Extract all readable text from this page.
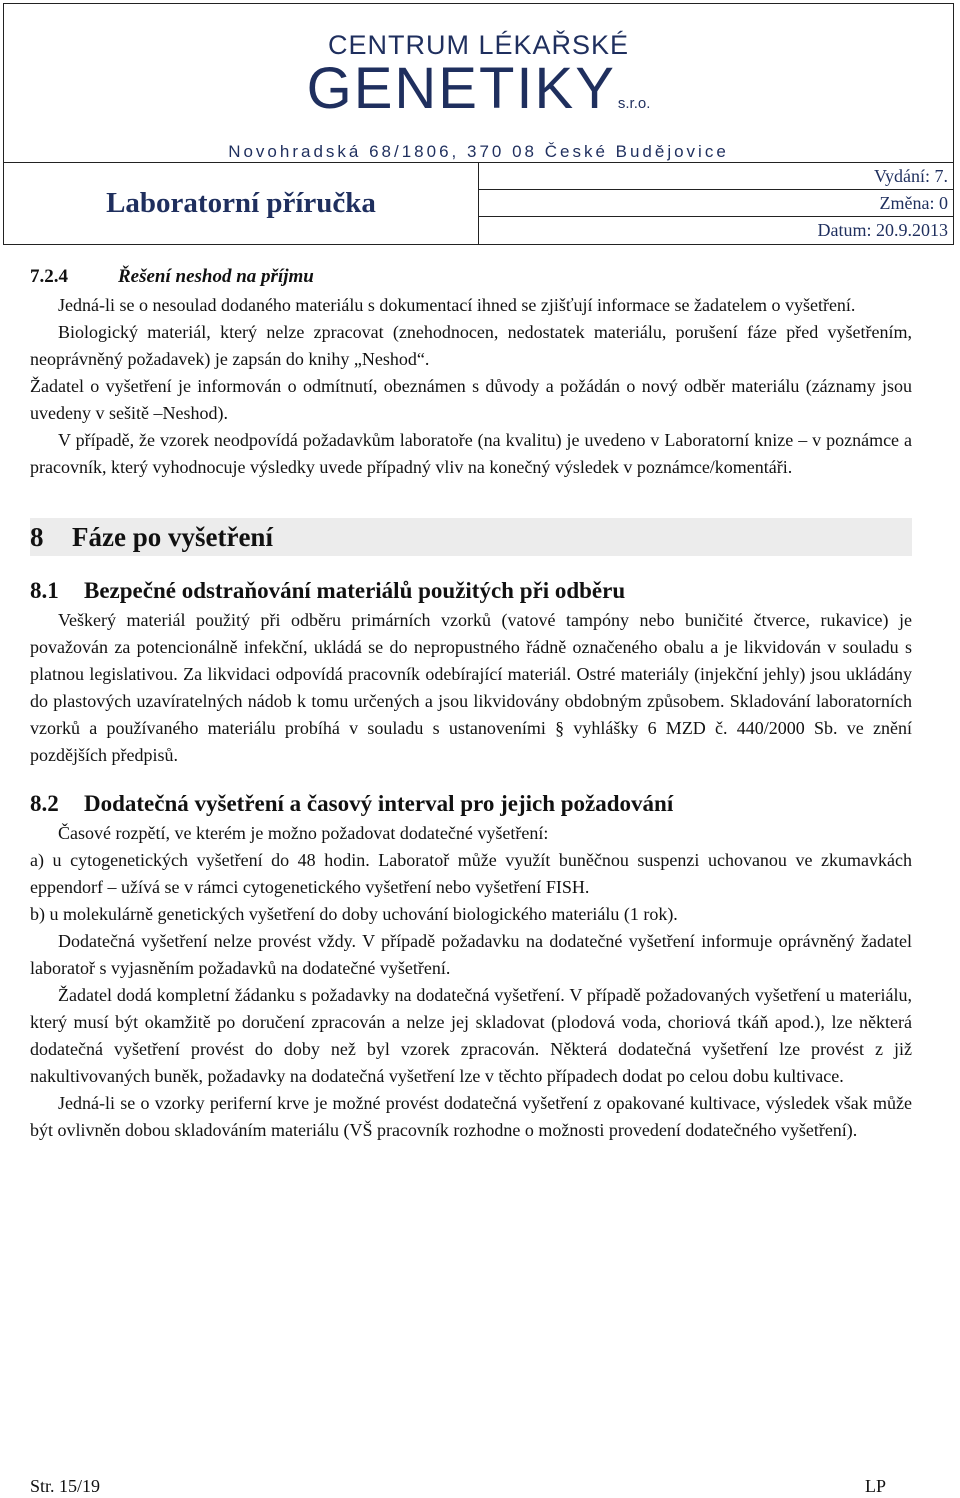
CENTRUM LÉKAŘSKÉ
GENETIKY s.r.o.
Novohradská 68/1806, 370 08 České Budějovice

Laboratorní příručka	
Vydání: 7.
Změna: 0
Datum: 20.9.2013
7.2.4	Řešení neshod na příjmu

Jedná-li se o nesoulad dodaného materiálu s dokumentací ihned se zjišťují informace se žadatelem o vyšetření.

Biologický materiál, který nelze zpracovat (znehodnocen, nedostatek materiálu, porušení fáze před vyšetřením, neoprávněný požadavek) je zapsán do knihy „Neshod“.

Žadatel o vyšetření je informován o odmítnutí, obeznámen s důvody a požádán o nový odběr materiálu (záznamy jsou uvedeny v sešitě –Neshod).

V případě, že vzorek neodpovídá požadavkům laboratoře (na kvalitu) je uvedeno v Laboratorní knize – v poznámce a pracovník, který vyhodnocuje výsledky uvede případný vliv na konečný výsledek v poznámce/komentáři.

8 Fáze po vyšetření
8.1 Bezpečné odstraňování materiálů použitých při odběru

Veškerý materiál použitý při odběru primárních vzorků (vatové tampóny nebo buničité čtverce, rukavice) je považován za potencionálně infekční, ukládá se do nepropustného řádně označeného obalu a je likvidován v souladu s platnou legislativou. Za likvidaci odpovídá pracovník odebírající materiál. Ostré materiály (injekční jehly) jsou ukládány do plastových uzavíratelných nádob k tomu určených a jsou likvidovány obdobným způsobem. Skladování laboratorních vzorků a používaného materiálu probíhá v souladu s ustanoveními § vyhlášky 6 MZD č. 440/2000 Sb. ve znění pozdějších předpisů.

8.2 Dodatečná vyšetření a časový interval pro jejich požadování

Časové rozpětí, ve kterém je možno požadovat dodatečné vyšetření:

a) u cytogenetických vyšetření do 48 hodin. Laboratoř může využít buněčnou suspenzi uchovanou ve zkumavkách eppendorf – užívá se v rámci cytogenetického vyšetření nebo vyšetření FISH.

b) u molekulárně genetických vyšetření do doby uchování biologického materiálu (1 rok).

Dodatečná vyšetření nelze provést vždy. V případě požadavku na dodatečné vyšetření informuje oprávněný žadatel laboratoř s vyjasněním požadavků na dodatečné vyšetření.

Žadatel dodá kompletní žádanku s požadavky na dodatečná vyšetření. V případě požadovaných vyšetření u materiálu, který musí být okamžitě po doručení zpracován a nelze jej skladovat (plodová voda, choriová tkáň apod.), lze některá dodatečná vyšetření provést do doby než byl vzorek zpracován. Některá dodatečná vyšetření lze provést z již nakultivovaných buněk, požadavky na dodatečná vyšetření lze v těchto případech dodat po celou dobu kultivace.

Jedná-li se o vzorky periferní krve je možné provést dodatečná vyšetření z opakované kultivace, výsledek však může být ovlivněn dobou skladováním materiálu (VŠ pracovník rozhodne o možnosti provedení dodatečného vyšetření).

Str. 15/19	LP
